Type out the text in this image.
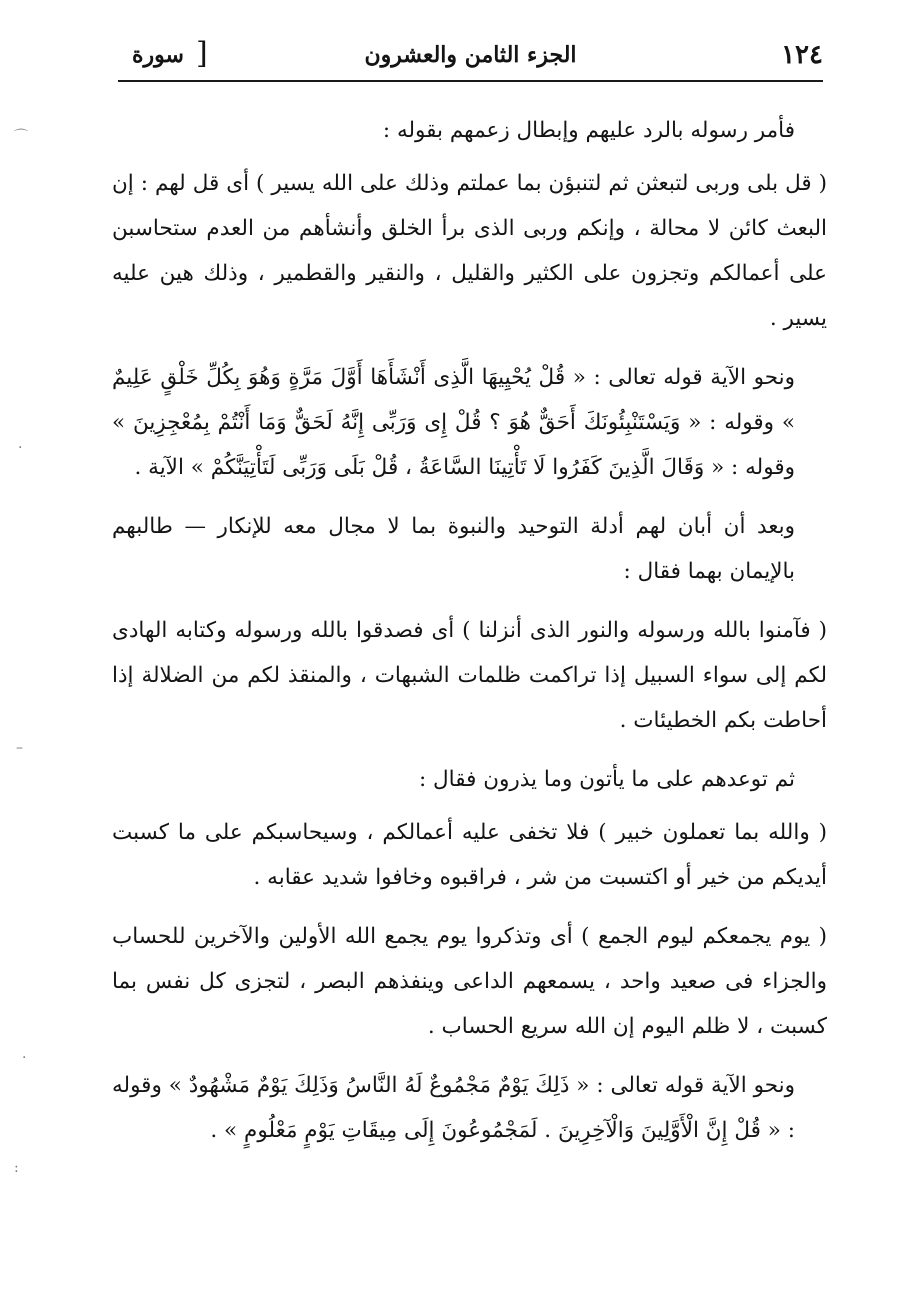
١٢٤
الجزء الثامن والعشرون
[
سورة

فأمر رسوله بالرد عليهم وإبطال زعمهم بقوله :

( قل بلى وربى لتبعثن ثم لتنبؤن بما عملتم وذلك على الله يسير ) أى قل لهم : إن البعث كائن لا محالة ، وإنكم وربى الذى برأ الخلق وأنشأهم من العدم ستحاسبن على أعمالكم وتجزون على الكثير والقليل ، والنقير والقطمير ، وذلك هين عليه يسير .

ونحو الآية قوله تعالى : « قُلْ يُحْيِيهَا الَّذِى أَنْشَأَهَا أَوَّلَ مَرَّةٍ وَهُوَ بِكُلِّ خَلْقٍ عَلِيمٌ » وقوله : « وَيَسْتَنْبِئُونَكَ أَحَقٌّ هُوَ ؟ قُلْ إِى وَرَبِّى إِنَّهُ لَحَقٌّ وَمَا أَنْتُمْ بِمُعْجِزِينَ » وقوله : « وَقَالَ الَّذِينَ كَفَرُوا لَا تَأْتِينَا السَّاعَةُ ، قُلْ بَلَى وَرَبِّى لَتَأْتِيَنَّكُمْ » الآية .

وبعد أن أبان لهم أدلة التوحيد والنبوة بما لا مجال معه للإنكار — طالبهم بالإيمان بهما فقال :

( فآمنوا بالله ورسوله والنور الذى أنزلنا ) أى فصدقوا بالله ورسوله وكتابه الهادى لكم إلى سواء السبيل إذا تراكمت ظلمات الشبهات ، والمنقذ لكم من الضلالة إذا أحاطت بكم الخطيئات .

ثم توعدهم على ما يأتون وما يذرون فقال :

( والله بما تعملون خبير ) فلا تخفى عليه أعمالكم ، وسيحاسبكم على ما كسبت أيديكم من خير أو اكتسبت من شر ، فراقبوه وخافوا شديد عقابه .

( يوم يجمعكم ليوم الجمع ) أى وتذكروا يوم يجمع الله الأولين والآخرين للحساب والجزاء فى صعيد واحد ، يسمعهم الداعى وينفذهم البصر ، لتجزى كل نفس بما كسبت ، لا ظلم اليوم إن الله سريع الحساب .

ونحو الآية قوله تعالى : « ذَلِكَ يَوْمٌ مَجْمُوعٌ لَهُ النَّاسُ وَذَلِكَ يَوْمٌ مَشْهُودٌ » وقوله : « قُلْ إِنَّ الْأَوَّلِينَ وَالْآخِرِينَ . لَمَجْمُوعُونَ إِلَى مِيقَاتِ يَوْمٍ مَعْلُومٍ » .

⌒
·
–
·
:
